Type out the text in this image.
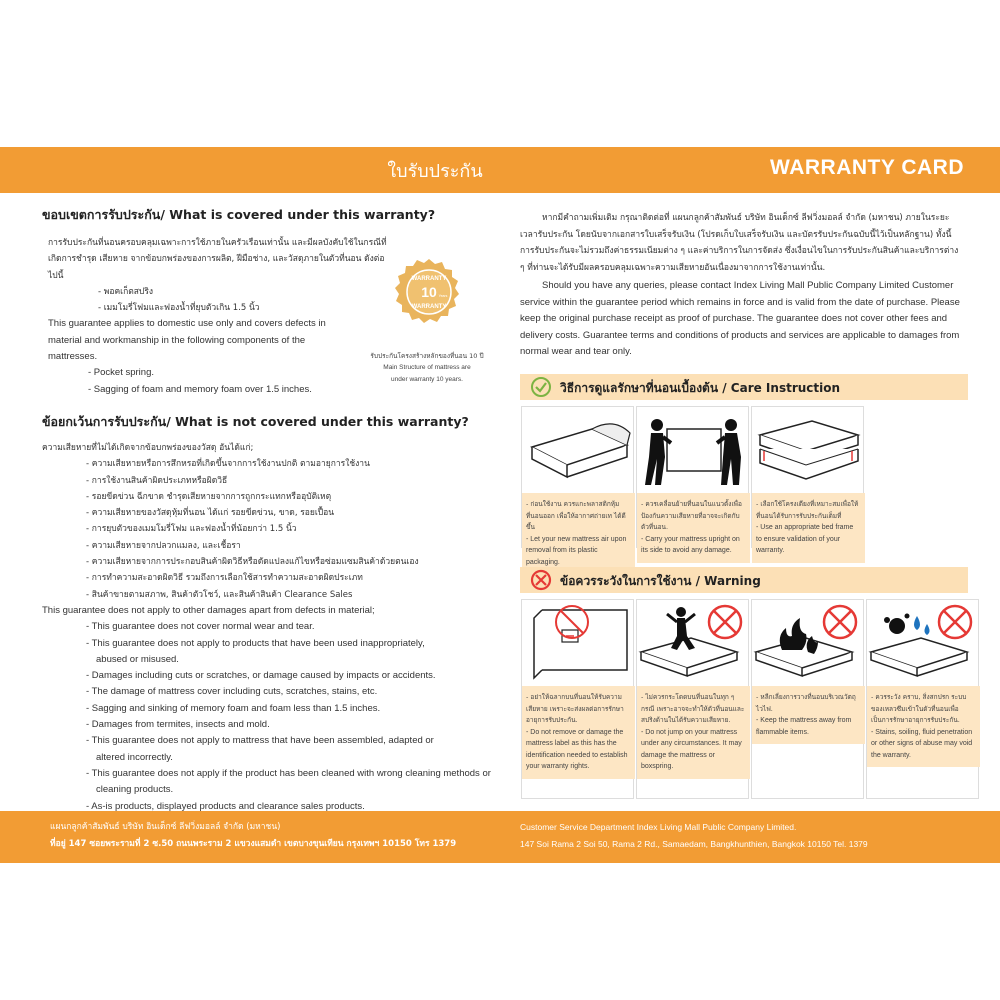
ใบรับประกัน	WARRANTY CARD
ขอบเขตการรับประกัน/ What is covered under this warranty?
การรับประกันที่นอนครอบคลุมเฉพาะการใช้ภายในครัวเรือนเท่านั้น และมีผลบังคับใช้ในกรณีที่เกิดการชำรุด เสียหาย จากข้อบกพร่องของการผลิต, ฝีมือช่าง, และวัสดุภายในตัวที่นอน ดังต่อไปนี้
- พอคเก็ตสปริง
- เมมโมรี่โฟมและฟองน้ำที่ยุบตัวเกิน 1.5 นิ้ว
This guarantee applies to domestic use only and covers defects in material and workmanship in the following components of the mattresses.
- Pocket spring.
- Sagging of foam and memory foam over 1.5 inches.
ข้อยกเว้นการรับประกัน/ What is not covered under this warranty?
ความเสียหายที่ไม่ได้เกิดจากข้อบกพร่องของวัสดุ อันได้แก่;
- ความเสียหายหรือการสึกหรอที่เกิดขึ้นจากการใช้งานปกติ ตามอายุการใช้งาน
- การใช้งานสินค้าผิดประเภทหรือผิดวิธี
- รอยขีดข่วน ฉีกขาด ชำรุดเสียหายจากการถูกกระแทกหรืออุบัติเหตุ
- ความเสียหายของวัสดุหุ้มที่นอน ได้แก่ รอยขีดข่วน, ขาด, รอยเปื้อน
- การยุบตัวของเมมโมรี่โฟม และฟองน้ำที่น้อยกว่า 1.5 นิ้ว
- ความเสียหายจากปลวกแมลง, และเชื้อรา
- ความเสียหายจากการประกอบสินค้าผิดวิธีหรือดัดแปลงแก้ไขหรือซ่อมแซมสินค้าด้วยตนเอง
- การทำความสะอาดผิดวิธี รวมถึงการเลือกใช้สารทำความสะอาดผิดประเภท
- สินค้าขายตามสภาพ, สินค้าตัวโชว์, และสินค้าสินค้า Clearance Sales
This guarantee does not apply to other damages apart from defects in material;
- This guarantee does not cover normal wear and tear.
- This guarantee does not apply to products that have been used inappropriately,
abused or misused.
- Damages including cuts or scratches, or damage caused by impacts or accidents.
- The damage of mattress cover including cuts, scratches, stains, etc.
- Sagging and sinking of memory foam and foam less than 1.5 inches.
- Damages from termites, insects and mold.
- This guarantee does not apply to mattress that have been assembled, adapted or
altered incorrectly.
- This guarantee does not apply if the product has been cleaned with wrong cleaning methods or
cleaning products.
- As-is products, displayed products and clearance sales products.
WARRANTY
10 Years
WARRANTY
รับประกันโครงสร้างหลักของที่นอน 10 ปี
Main Structure of mattress are
under warranty 10 years.
หากมีคำถามเพิ่มเติม กรุณาติดต่อที่ แผนกลูกค้าสัมพันธ์ บริษัท อินเด็กซ์ ลีฟวิ่งมอลล์ จำกัด (มหาชน) ภายในระยะเวลารับประกัน โดยนับจากเอกสารใบเสร็จรับเงิน (โปรดเก็บใบเสร็จรับเงิน และบัตรรับประกันฉบับนี้ไว้เป็นหลักฐาน) ทั้งนี้การรับประกันจะไม่รวมถึงค่าธรรมเนียมต่าง ๆ และค่าบริการในการจัดส่ง ซึ่งเงื่อนไขในการรับประกันสินค้าและบริการต่าง ๆ ที่ท่านจะได้รับมีผลครอบคลุมเฉพาะความเสียหายอันเนื่องมาจากการใช้งานเท่านั้น.
Should you have any queries, please contact Index Living Mall Public Company Limited Customer service within the guarantee period which remains in force and is valid from the date of purchase. Please keep the original purchase receipt as proof of purchase. The guarantee does not cover other fees and delivery costs. Guarantee terms and conditions of products and services are applicable to damages from normal wear and tear only.
วิธีการดูแลรักษาที่นอนเบื้องต้น / Care Instruction
- ก่อนใช้งาน ควรแกะพลาสติกหุ้มที่นอนออก เพื่อให้อากาศถ่ายเท ได้ดีขึ้น
- Let your new mattress air upon removal from its plastic packaging.
- ควรเคลื่อนย้ายที่นอนในแนวตั้งเพื่อป้องกันความเสียหายที่อาจจะเกิดกับตัวที่นอน.
- Carry your mattress upright on its side to avoid any damage.
- เลือกใช้โครงเตียงที่เหมาะสมเพื่อให้ที่นอนได้รับการรับประกันเต็มที่
- Use an appropriate bed frame to ensure validation of your warranty.
ข้อควรระวังในการใช้งาน / Warning
- อย่าให้ฉลากบนที่นอนให้รับความเสียหาย เพราะจะส่งผลต่อการรักษาอายุการรับประกัน.
- Do not remove or damage the mattress label as this has the identification needed to establish your warranty rights.
- ไม่ควรกระโดดบนที่นอนในทุก ๆ กรณี เพราะอาจจะทำให้ตัวที่นอนและสปริงด้านในได้รับความเสียหาย.
- Do not jump on your mattress under any circumstances. It may damage the mattress or boxspring.
- หลีกเลี่ยงการวางที่นอนบริเวณวัตถุไวไฟ.
- Keep the mattress away from flammable items.
- ควรระวัง คราบ, สิ่งสกปรก ระบบของเหลวซึมเข้าในตัวที่นอนเพื่อเป็นการรักษาอายุการรับประกัน.
- Stains, soiling, fluid penetration or other signs of abuse may void the warranty.
แผนกลูกค้าสัมพันธ์ บริษัท อินเด็กซ์ ลีฟวิ่งมอลล์ จำกัด (มหาชน)
ที่อยู่ 147 ซอยพระรามที่ 2 ซ.50 ถนนพระราม 2 แขวงแสมดำ เขตบางขุนเทียน กรุงเทพฯ 10150 โทร 1379
Customer Service Department Index Living Mall Public Company Limited.
147 Soi Rama 2 Soi 50, Rama 2 Rd., Samaedam, Bangkhunthien, Bangkok 10150 Tel. 1379
